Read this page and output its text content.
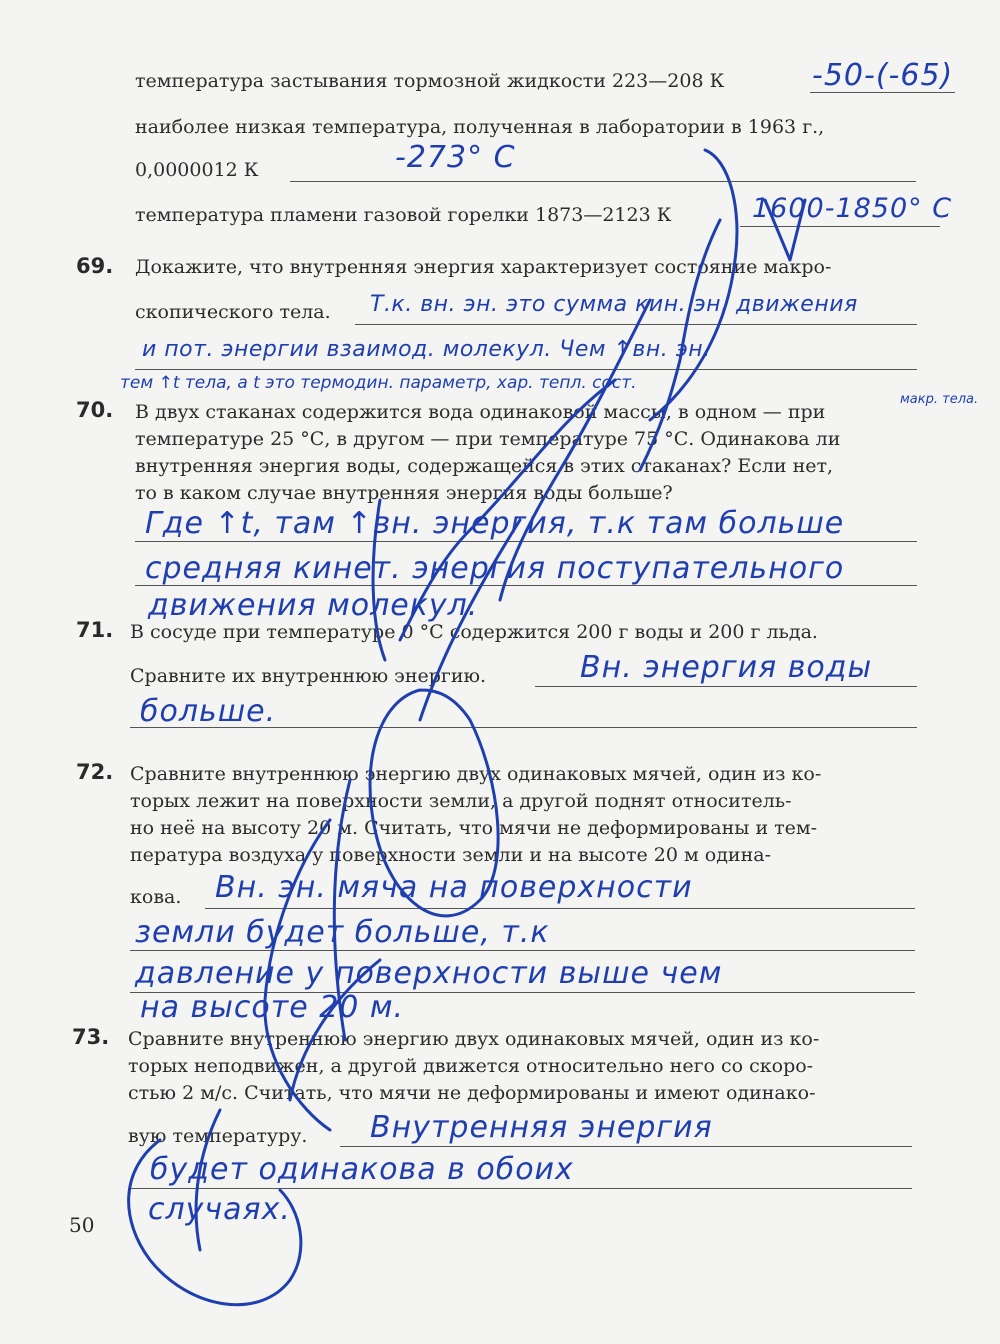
температура застывания тормозной жидкости 223—208 К	-50-(-65)
наиболее низкая температура, полученная в лаборатории в 1963 г.,
0,0000012 К	-273° C
температура пламени газовой горелки 1873—2123 К	1600-1850° C
69. Докажите, что внутренняя энергия характеризует состояние макро-
скопического тела. Т.к. вн. эн. это сумма кин. эн. движения
и пот. энергии взаимод. молекул. Чем ↑вн. эн.
тем ↑t тела, а t это термодин. параметр, хар. тепл. сост.
макр. тела.
70. В двух стаканах содержится вода одинаковой массы, в одном — при
температуре 25 °С, в другом — при температуре 75 °С. Одинакова ли
внутренняя энергия воды, содержащейся в этих стаканах? Если нет,
то в каком случае внутренняя энергия воды больше?
Где ↑t, там ↑вн. энергия, т.к там больше
средняя кинет. энергия поступательного
движения молекул.
71. В сосуде при температуре 0 °С содержится 200 г воды и 200 г льда.
Сравните их внутреннюю энергию.	Вн. энергия воды
больше.
72. Сравните внутреннюю энергию двух одинаковых мячей, один из ко-
торых лежит на поверхности земли, а другой поднят относитель-
но неё на высоту 20 м. Считать, что мячи не деформированы и тем-
пература воздуха у поверхности земли и на высоте 20 м одина-
кова. Вн. эн. мяча на поверхности
земли будет больше, т.к
давление у поверхности выше чем
на высоте 20 м.
73. Сравните внутреннюю энергию двух одинаковых мячей, один из ко-
торых неподвижен, а другой движется относительно него со скоро-
стью 2 м/с. Считать, что мячи не деформированы и имеют одинако-
вую температуру. Внутренняя энергия
будет одинакова в обоих
случаях.
50
